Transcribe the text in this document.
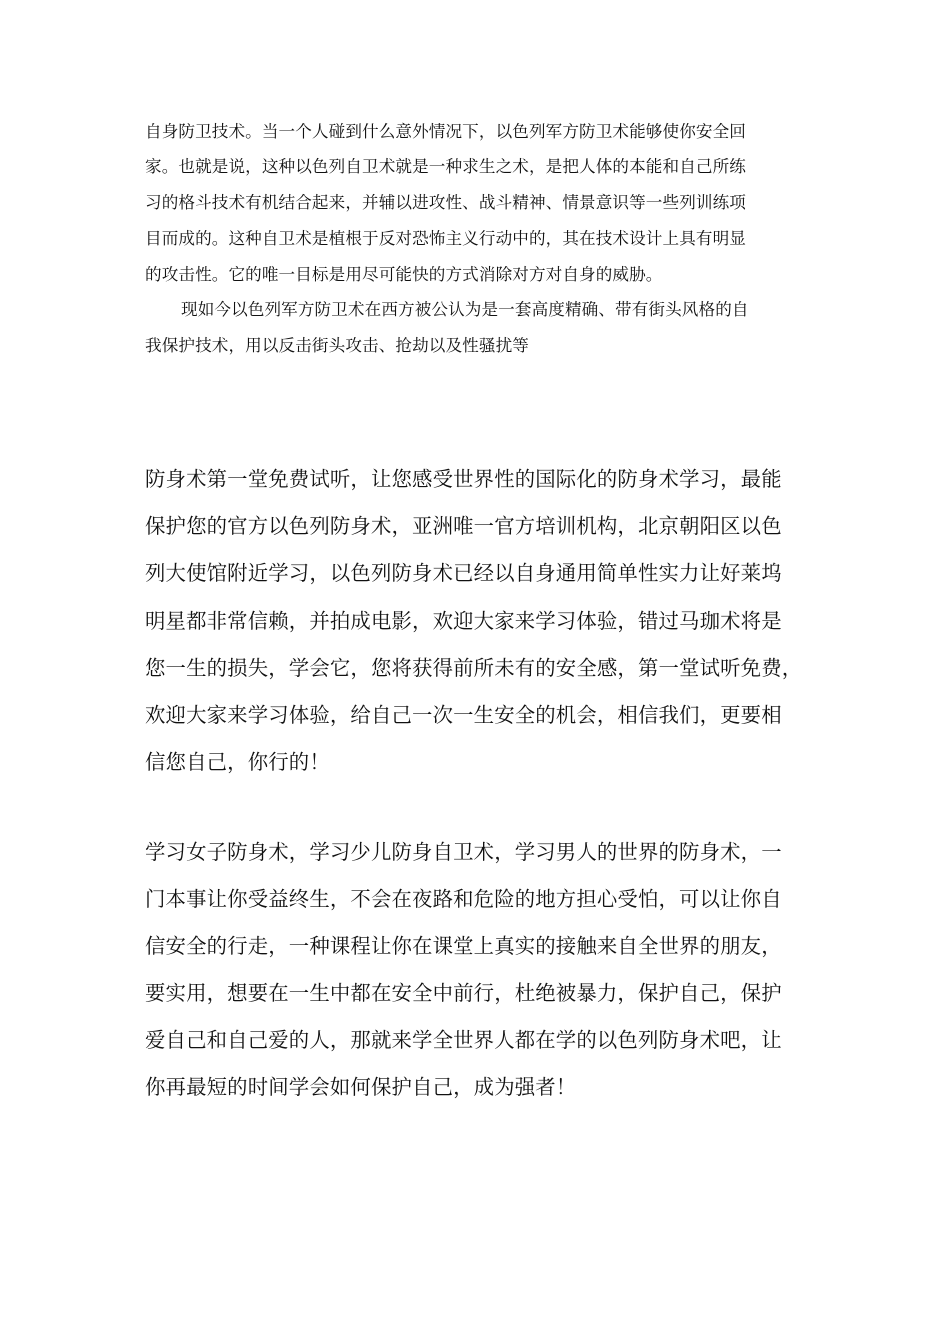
自身防卫技术。当一个人碰到什么意外情况下，以色列军方防卫术能够使你安全回

家。也就是说，这种以色列自卫术就是一种求生之术，是把人体的本能和自己所练

习的格斗技术有机结合起来，并辅以进攻性、战斗精神、情景意识等一些列训练项

目而成的。这种自卫术是植根于反对恐怖主义行动中的，其在技术设计上具有明显

的攻击性。它的唯一目标是用尽可能快的方式消除对方对自身的威胁。

现如今以色列军方防卫术在西方被公认为是一套高度精确、带有街头风格的自

我保护技术，用以反击街头攻击、抢劫以及性骚扰等

防身术第一堂免费试听，让您感受世界性的国际化的防身术学习，最能

保护您的官方以色列防身术，亚洲唯一官方培训机构，北京朝阳区以色

列大使馆附近学习，以色列防身术已经以自身通用简单性实力让好莱坞

明星都非常信赖，并拍成电影，欢迎大家来学习体验，错过马珈术将是

您一生的损失，学会它，您将获得前所未有的安全感，第一堂试听免费，

欢迎大家来学习体验，给自己一次一生安全的机会，相信我们，更要相

信您自己，你行的！

学习女子防身术，学习少儿防身自卫术，学习男人的世界的防身术，一

门本事让你受益终生，不会在夜路和危险的地方担心受怕，可以让你自

信安全的行走，一种课程让你在课堂上真实的接触来自全世界的朋友，

要实用，想要在一生中都在安全中前行，杜绝被暴力，保护自己，保护

爱自己和自己爱的人，那就来学全世界人都在学的以色列防身术吧，让

你再最短的时间学会如何保护自己，成为强者！
